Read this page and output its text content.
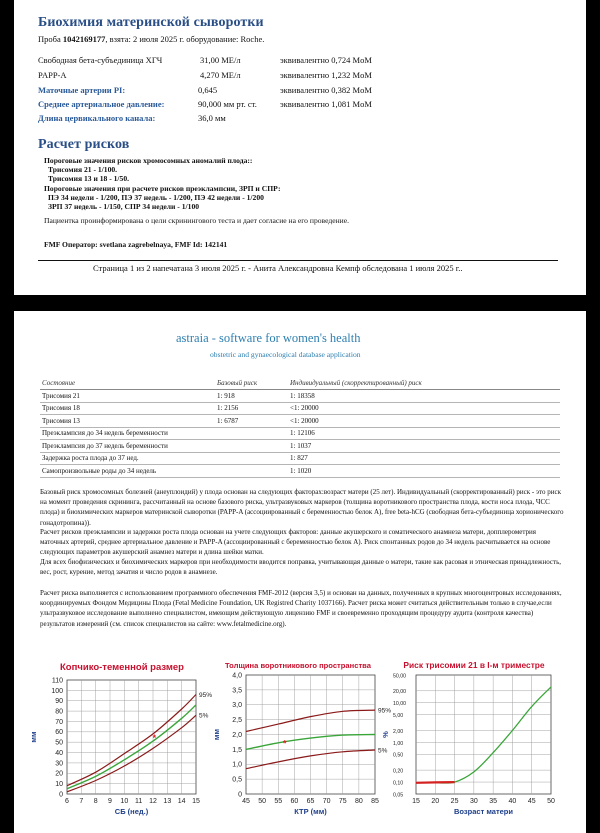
Биохимия материнской сыворотки
Проба 1042169177, взята: 2 июля 2025 г. оборудование: Roche.
Свободная бета-субъединица ХГЧ	31,00 МЕ/л	эквивалентно 0,724 MoM
PAPP-A	4,270 МЕ/л	эквивалентно 1,232 MoM
Маточные артерии PI:	0,645	эквивалентно 0,382 MoM
Среднее артериальное давление:	90,000 мм рт. ст.	эквивалентно 1,081 MoM
Длина цервикального канала:	36,0 мм
Расчет рисков
Пороговые значения рисков хромосомных аномалий плода::
Трисомия 21 - 1/100.
Трисомия 13 и 18 - 1/50.
Пороговые значения при расчете рисков преэклампсии, ЗРП и СПР:
ПЭ 34 недели - 1/200, ПЭ 37 недель - 1/200, ПЭ 42 недели - 1/200
ЗРП 37 недель - 1/150, СПР 34 недели - 1/100
Пациентка проинформирована о цели скринингового теста и дает согласие на его проведение.
FMF Оператор: svetlana zagrebelnaya, FMF Id: 142141
Страница 1 из 2 напечатана 3 июля 2025 г. - Анита Александровна Кемпф обследована 1 июля 2025 г..
astraia - software for women's health
obstetric and gynaecological database application
Состояние	Базовый риск	Индивидуальный (скорректированный) риск
Трисомия 21	1: 918	1: 18358
Трисомия 18	1: 2156	<1: 20000
Трисомия 13	1: 6787	<1: 20000
Преэклампсия до 34 недель беременности		1: 12106
Преэклампсия до 37 недель беременности		1: 1037
Задержка роста плода до 37 нед.		1: 827
Самопроизвольные роды до 34 недель		1: 1020
Базовый риск хромосомных болезней (анеуплоидий) у плода основан на следующих факторах:возраст матери (25 лет). Индивидуальный (скорректированный) риск - это риск на момент проведения скрининга, рассчитанный на основе базового риска, ультразвуковых маркеров (толщина воротникового пространства плода, кости носа плода, ЧСС плода) и биохимических маркеров материнской сыворотки (PAPP-A (ассоциированный с беременностью белок А), free beta-hCG (свободная бета-субъединица хорионического гонадотропина)).
Расчет рисков преэклампсии и задержки роста плода основан на учете следующих факторов: данные акушерского и соматического анамнеза матери, допплерометрия маточных артерий, среднее артериальное давление и PAPP-A (ассоциированный с беременностью белок А). Риск спонтанных родов до 34 недель расчитывается на основе следующих параметров акушерский анамнез матери и длина шейки матки.
Для всех биофизических и биохимических маркеров при необходимости вводится поправка, учитывающая данные о матери, такие как расовая и этническая принадлежность, вес, рост, курение, метод зачатия и число родов в анамнезе.
Расчет риска выполняется с использованием программного обеспечения FMF-2012 (версия 3,5) и основан на данных, полученных в крупных многоцентровых исследованиях, координируемых Фондом Медицины Плода (Fetal Medicine Foundation, UK Registred Charity 1037166). Расчет риска может считаться действительным только в случае,если ультразвуковое исследование выполнено специалистом, имеющим действующую лицензию FMF и своевременно проходящим процедуру аудита (контроля качества) результатов измерений (см. список специалистов на сайте: www.fetalmedicine.org).
Копчико-теменной размер
6 7 8 9 10 11 12 13 14 15
0
10
20
30
40
50
60
70
80
90
100
110
СБ (нед.)
мм
95%
5%
*
Толщина воротникового пространства
45 50 55 60 65 70 75 80 85
0
0,5
1,0
1,5
2,0
2,5
3,0
3,5
4,0
КТР (мм)
мм
95%
5%
*
Риск трисомии 21 в I-м триместре
15 20 25 30 35 40 45 50
0,05
0,10
0,20
0,50
1,00
2,00
5,00
10,00
20,00
50,00
Возраст матери
%
